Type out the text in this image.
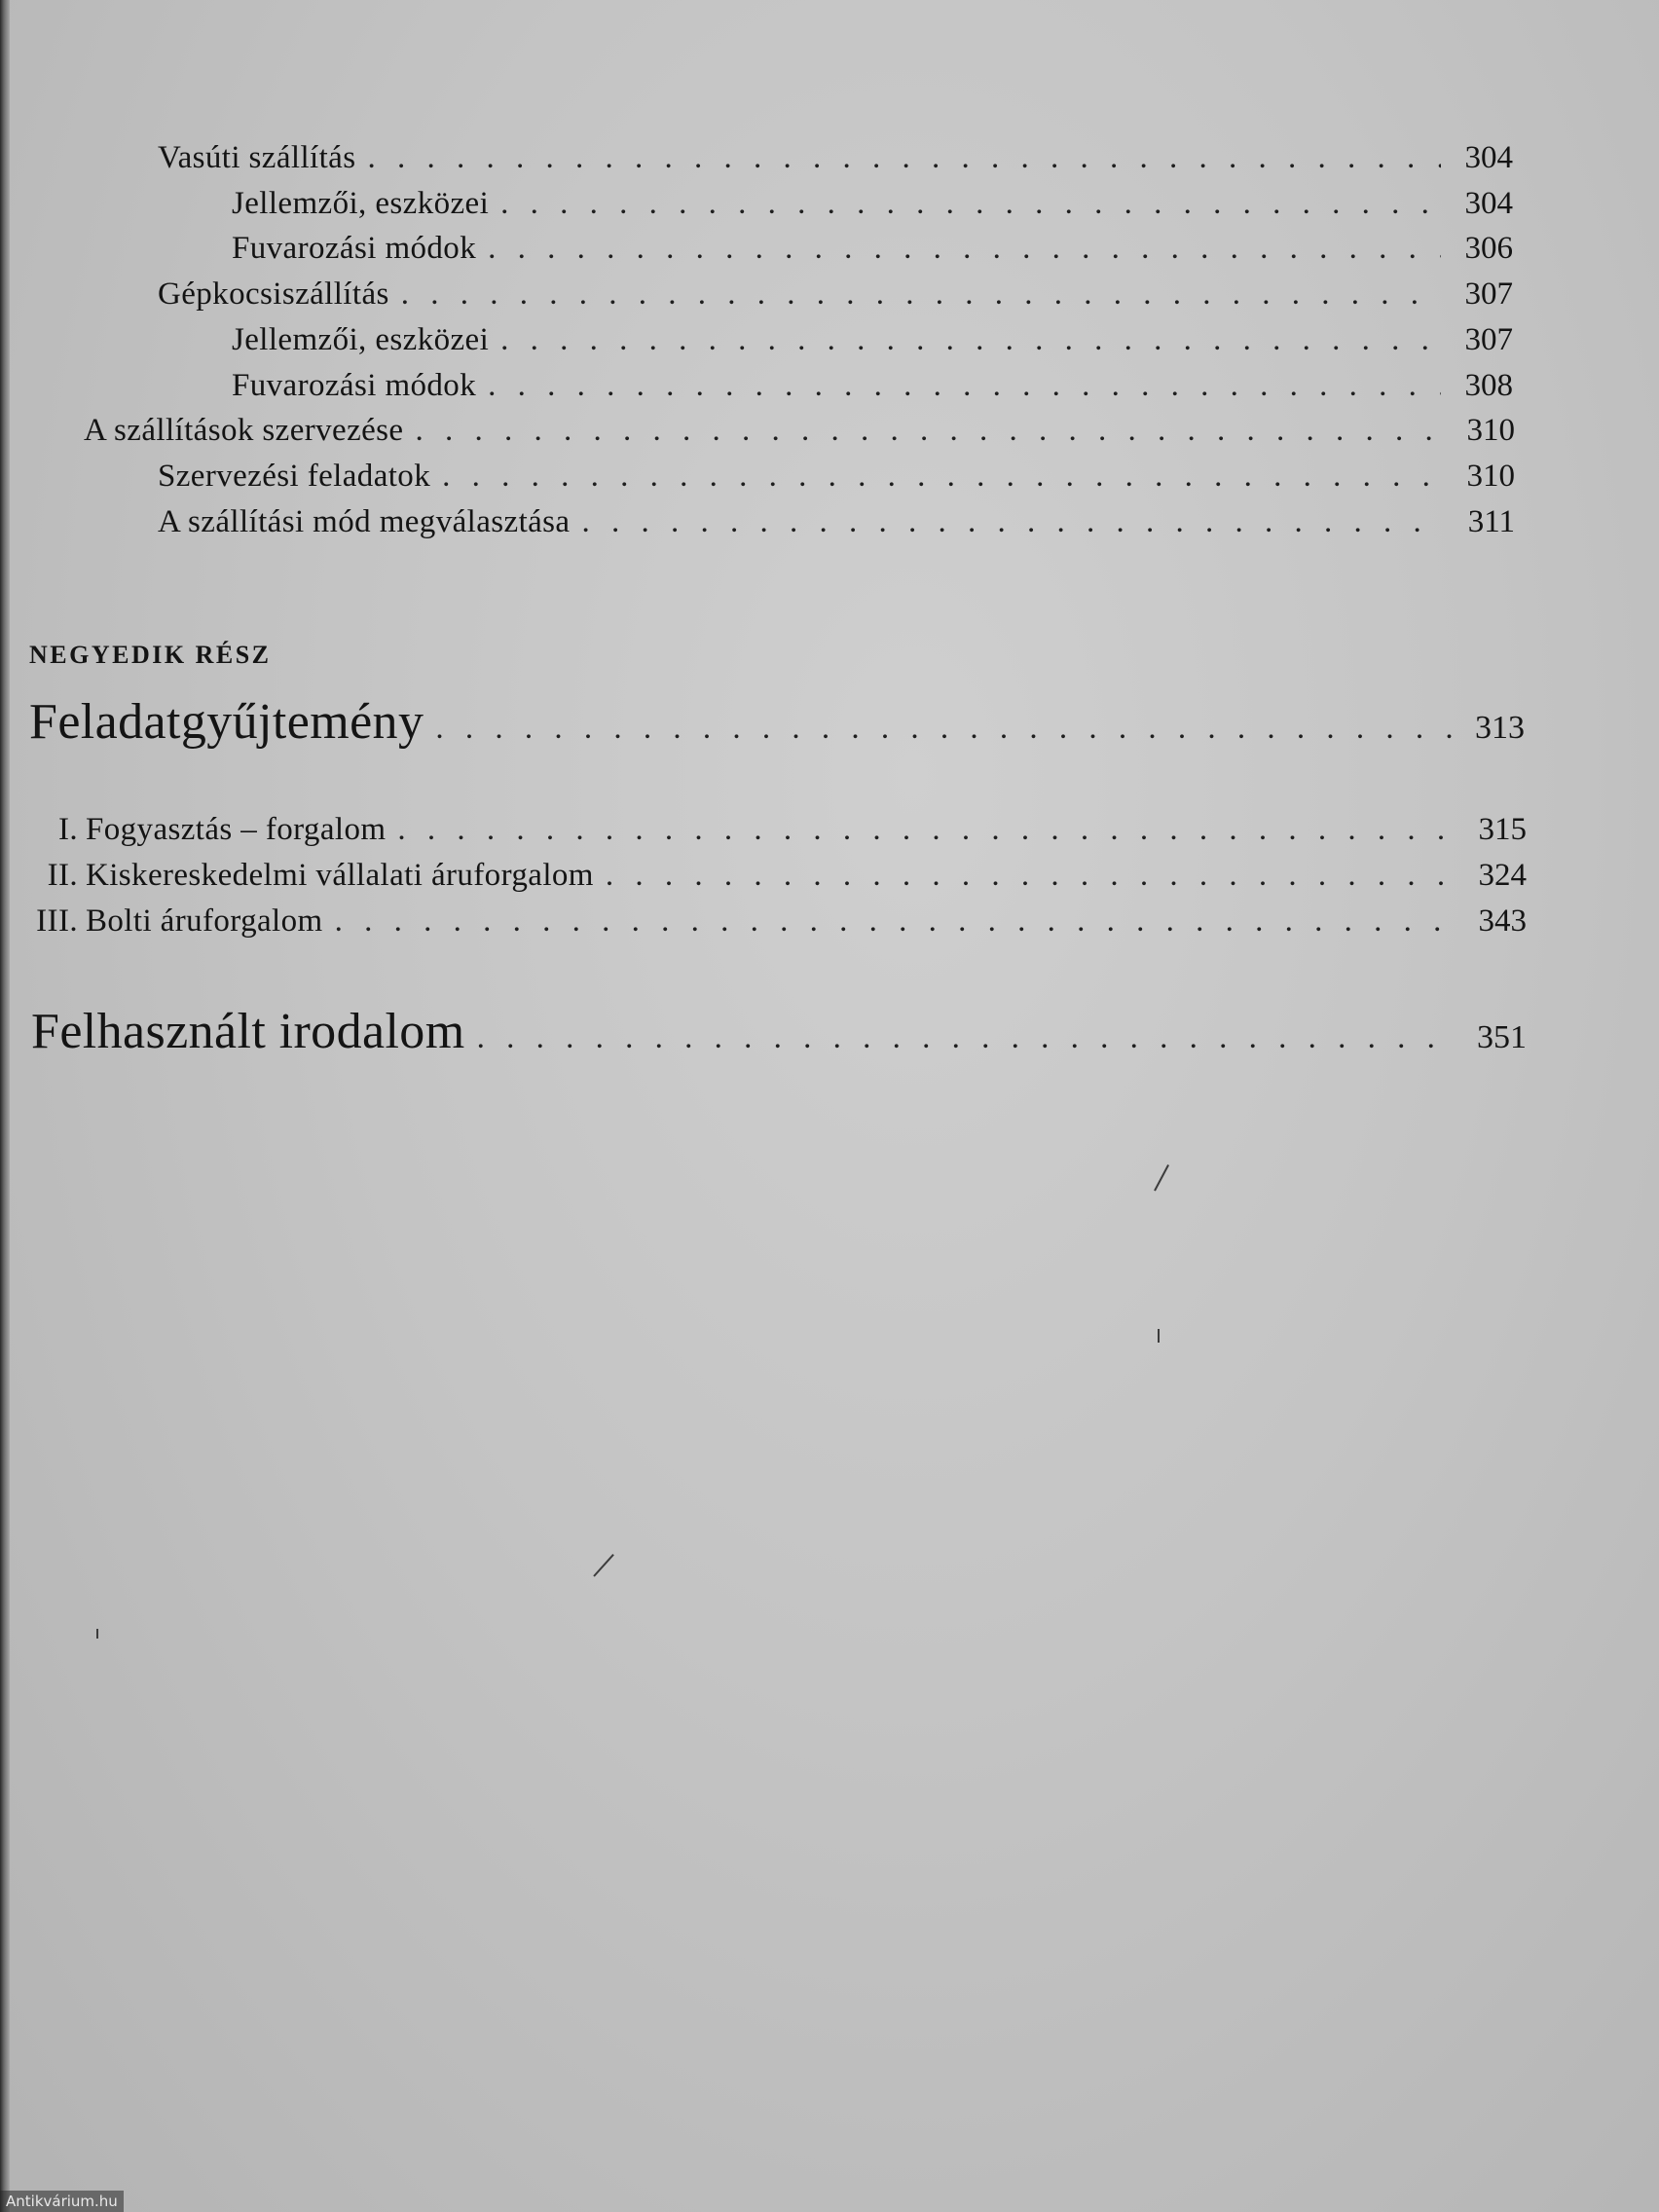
Vasúti szállítás . . .	304
Jellemzői, eszközei . . .	304
Fuvarozási módok . . .	306
Gépkocsiszállítás . . .	307
Jellemzői, eszközei . . .	307
Fuvarozási módok . . .	308
A szállítások szervezése . . .	310
Szervezési feladatok . . .	310
A szállítási mód megválasztása . . .	311
NEGYEDIK RÉSZ
Feladatgyűjtemény . . .	313
I. Fogyasztás – forgalom . . .	315
II. Kiskereskedelmi vállalati áruforgalom . . .	324
III. Bolti áruforgalom . . .	343
Felhasznált irodalom . . .	351
Antikvárium.hu
